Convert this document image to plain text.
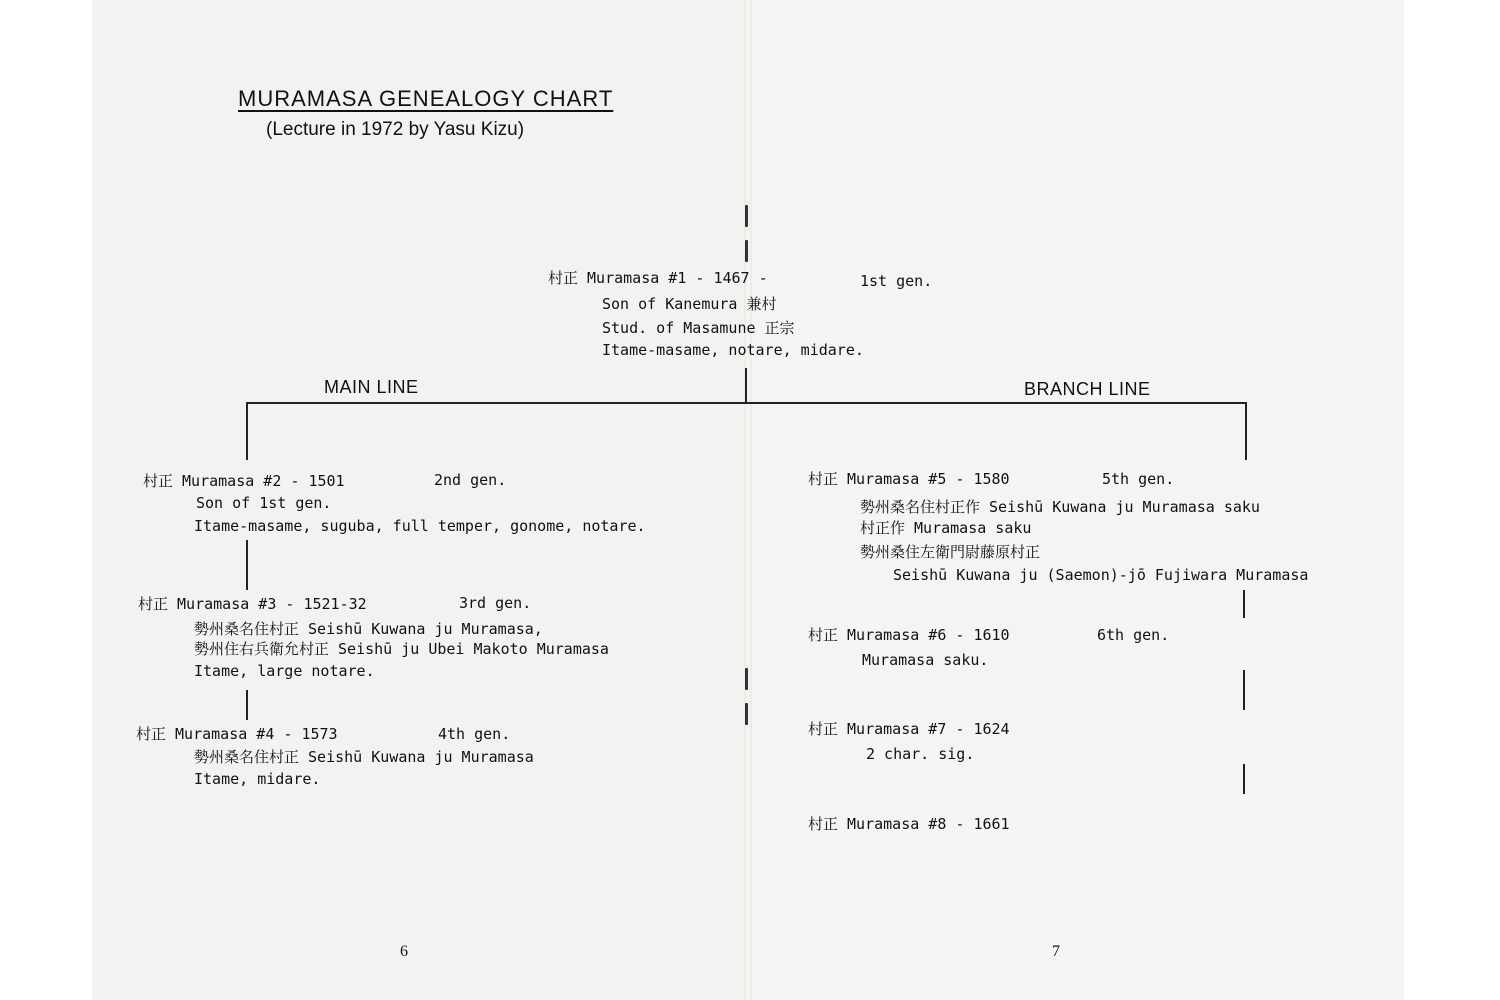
MURAMASA GENEALOGY CHART
(Lecture in 1972 by Yasu Kizu)
村正 Muramasa #1 - 1467 -	1st gen.
Son of Kanemura 兼村
Stud. of Masamune 正宗
Itame-masame, notare, midare.
MAIN LINE	BRANCH LINE
村正 Muramasa #2 - 1501	2nd gen.
Son of 1st gen.
Itame-masame, suguba, full temper, gonome, notare.
村正 Muramasa #3 - 1521-32	3rd gen.
勢州桑名住村正 Seishū Kuwana ju Muramasa,
勢州住右兵衛允村正 Seishū ju Ubei Makoto Muramasa
Itame, large notare.
村正 Muramasa #4 - 1573	4th gen.
勢州桑名住村正 Seishū Kuwana ju Muramasa
Itame, midare.
村正 Muramasa #5 - 1580	5th gen.
勢州桑名住村正作 Seishū Kuwana ju Muramasa saku
村正作 Muramasa saku
勢州桑住左衛門尉藤原村正
Seishū Kuwana ju (Saemon)-jō Fujiwara Muramasa
村正 Muramasa #6 - 1610	6th gen.
Muramasa saku.
村正 Muramasa #7 - 1624
2 char. sig.
村正 Muramasa #8 - 1661
6	7
